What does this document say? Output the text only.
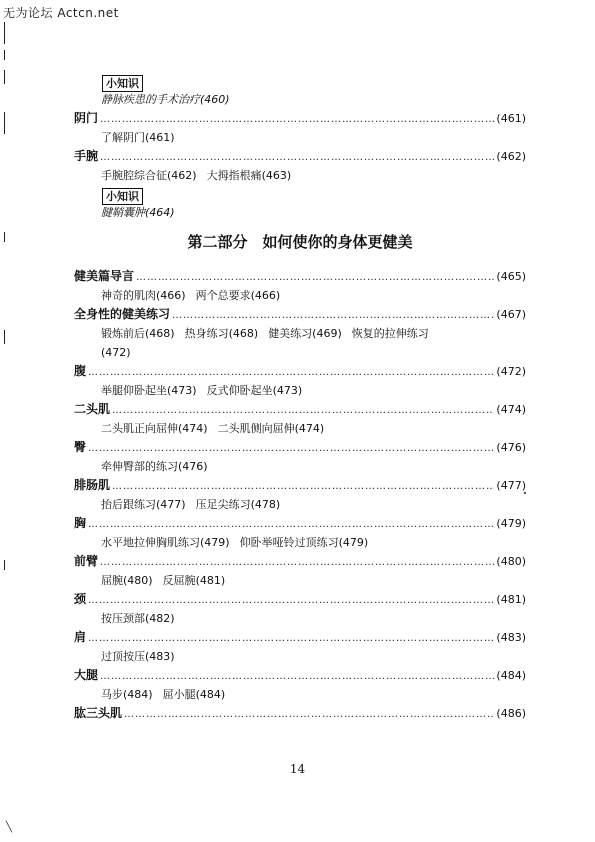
无为论坛 Actcn.net
小知识
静脉疾患的手术治疗(460)
阴门 …………………………………………………………………………………………………………………………………………………………	(461)
了解阴门(461)
手腕 …………………………………………………………………………………………………………………………………………………………	(462)
手腕腔综合征(462) 大拇指根痛(463)
小知识
腱鞘囊肿(464)
第二部分　如何使你的身体更健美
健美篇导言 …………………………………………………………………………………………………………………………………………………………	(465)
神奇的肌肉(466) 两个总要求(466)
全身性的健美练习 …………………………………………………………………………………………………………………………………………………………	(467)
锻炼前后(468) 热身练习(468) 健美练习(469) 恢复的拉伸练习
(472)
腹 …………………………………………………………………………………………………………………………………………………………	(472)
举腿仰卧起坐(473) 反式仰卧起坐(473)
二头肌 …………………………………………………………………………………………………………………………………………………………	(474)
二头肌正向屈伸(474) 二头肌侧向屈伸(474)
臀 …………………………………………………………………………………………………………………………………………………………	(476)
牵伸臀部的练习(476)
腓肠肌 …………………………………………………………………………………………………………………………………………………………	(477)
抬后跟练习(477) 压足尖练习(478)
胸 …………………………………………………………………………………………………………………………………………………………	(479)
水平地拉伸胸肌练习(479) 仰卧举哑铃过顶练习(479)
前臂 …………………………………………………………………………………………………………………………………………………………	(480)
屈腕(480) 反屈腕(481)
颈 …………………………………………………………………………………………………………………………………………………………	(481)
按压颈部(482)
肩 …………………………………………………………………………………………………………………………………………………………	(483)
过顶按压(483)
大腿 …………………………………………………………………………………………………………………………………………………………	(484)
马步(484) 屈小腿(484)
肱三头肌 …………………………………………………………………………………………………………………………………………………………	(486)
14
╲
